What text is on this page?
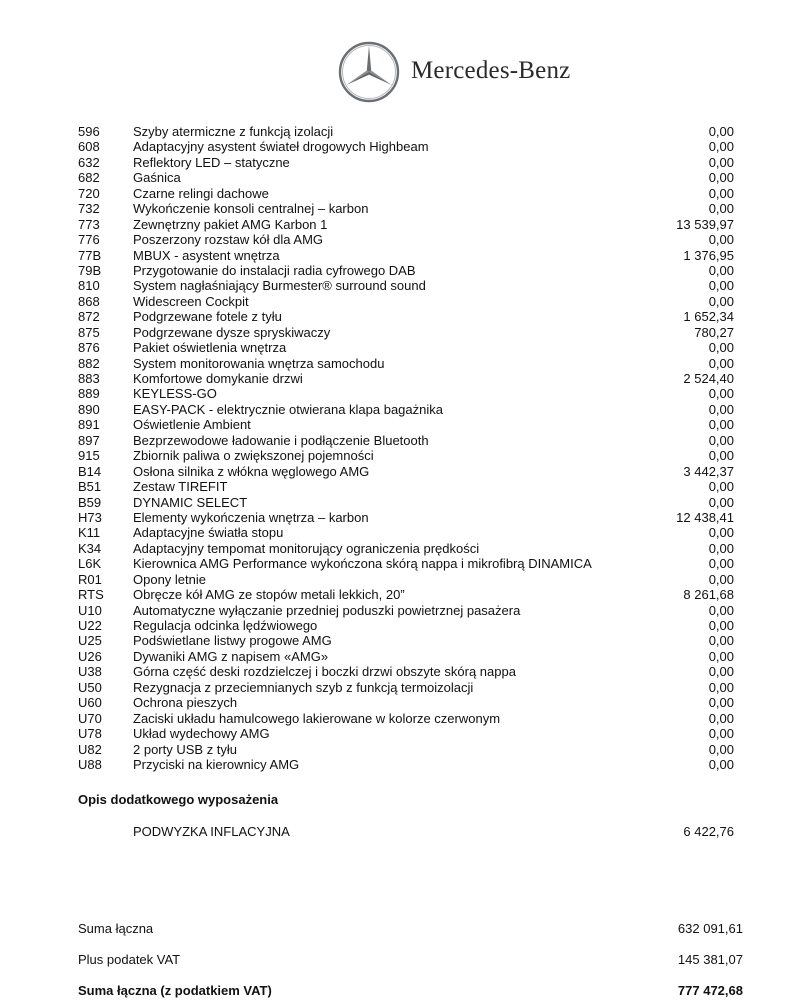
Mercedes-Benz
596	Szyby atermiczne z funkcją izolacji	0,00
608	Adaptacyjny asystent świateł drogowych Highbeam	0,00
632	Reflektory LED – statyczne	0,00
682	Gaśnica	0,00
720	Czarne relingi dachowe	0,00
732	Wykończenie konsoli centralnej – karbon	0,00
773	Zewnętrzny pakiet AMG Karbon 1	13 539,97
776	Poszerzony rozstaw kół dla AMG	0,00
77B MBUX - asystent wnętrza	1 376,95
79B Przygotowanie do instalacji radia cyfrowego DAB	0,00
810	System nagłaśniający Burmester® surround sound	0,00
868	Widescreen Cockpit	0,00
872	Podgrzewane fotele z tyłu	1 652,34
875	Podgrzewane dysze spryskiwaczy	780,27
876	Pakiet oświetlenia wnętrza	0,00
882	System monitorowania wnętrza samochodu	0,00
883	Komfortowe domykanie drzwi	2 524,40
889	KEYLESS-GO	0,00
890	EASY-PACK - elektrycznie otwierana klapa bagażnika	0,00
891	Oświetlenie Ambient	0,00
897	Bezprzewodowe ładowanie i podłączenie Bluetooth	0,00
915	Zbiornik paliwa o zwiększonej pojemności	0,00
B14 Osłona silnika z włókna węglowego AMG	3 442,37
B51 Zestaw TIREFIT	0,00
B59 DYNAMIC SELECT	0,00
H73 Elementy wykończenia wnętrza – karbon	12 438,41
K11	Adaptacyjne światła stopu	0,00
K34 Adaptacyjny tempomat monitorujący ograniczenia prędkości	0,00
L6K Kierownica AMG Performance wykończona skórą nappa i mikrofibrą DINAMICA	0,00
R01 Opony letnie	0,00
RTS Obręcze kół AMG ze stopów metali lekkich, 20”	8 261,68
U10 Automatyczne wyłączanie przedniej poduszki powietrznej pasażera	0,00
U22 Regulacja odcinka lędźwiowego	0,00
U25 Podświetlane listwy progowe AMG	0,00
U26 Dywaniki AMG z napisem «AMG»	0,00
U38 Górna część deski rozdzielczej i boczki drzwi obszyte skórą nappa	0,00
U50 Rezygnacja z przeciemnianych szyb z funkcją termoizolacji	0,00
U60 Ochrona pieszych	0,00
U70 Zaciski układu hamulcowego lakierowane w kolorze czerwonym	0,00
U78 Układ wydechowy AMG	0,00
U82 2 porty USB z tyłu	0,00
U88 Przyciski na kierownicy AMG	0,00
Opis dodatkowego wyposażenia
PODWYZKA INFLACYJNA	6 422,76
Suma łączna	632 091,61
Plus podatek VAT	145 381,07
Suma łączna (z podatkiem VAT)	777 472,68
